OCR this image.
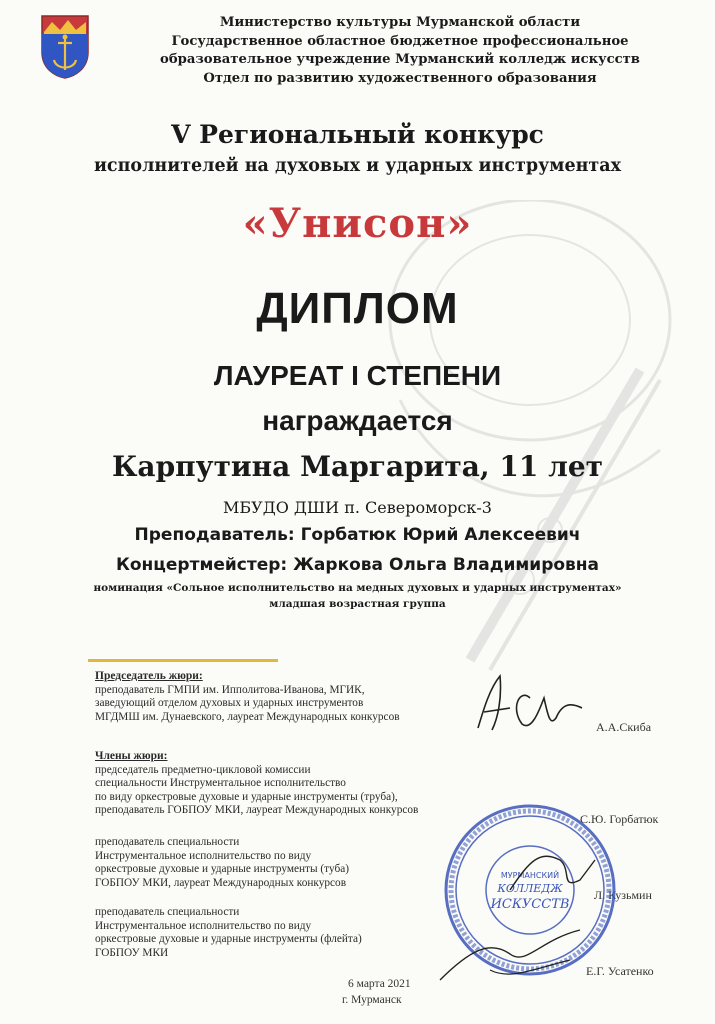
Министерство культуры Мурманской области
Государственное областное бюджетное профессиональное
образовательное учреждение Мурманский колледж искусств
Отдел по развитию художественного образования
V Региональный конкурс
исполнителей на духовых и ударных инструментах
«Унисон»
ДИПЛОМ
ЛАУРЕАТ I СТЕПЕНИ
награждается
Карпутина Маргарита, 11 лет
МБУДО ДШИ п. Североморск-3
Преподаватель: Горбатюк Юрий Алексеевич
Концертмейстер: Жаркова Ольга Владимировна
номинация «Сольное исполнительство на медных духовых и ударных инструментах»
младшая возрастная группа
Председатель жюри:
преподаватель ГМПИ им. Ипполитова-Иванова, МГИК,
заведующий отделом духовых и ударных инструментов
МГДМШ им. Дунаевского, лауреат Международных конкурсов
А.А.Скиба
Члены жюри:
председатель предметно-цикловой комиссии
специальности Инструментальное исполнительство
по виду оркестровые духовые и ударные инструменты (труба),
преподаватель ГОБПОУ МКИ, лауреат Международных конкурсов
С.Ю. Горбатюк
преподаватель специальности
Инструментальное исполнительство по виду
оркестровые духовые и ударные инструменты (туба)
ГОБПОУ МКИ, лауреат Международных конкурсов
Л. Кузьмин
преподаватель специальности
Инструментальное исполнительство по виду
оркестровые духовые и ударные инструменты (флейта)
ГОБПОУ МКИ
Е.Г. Усатенко
МУРМАНСКИЙ
КОЛЛЕДЖ
ИСКУССТВ
6 марта 2021
г. Мурманск
